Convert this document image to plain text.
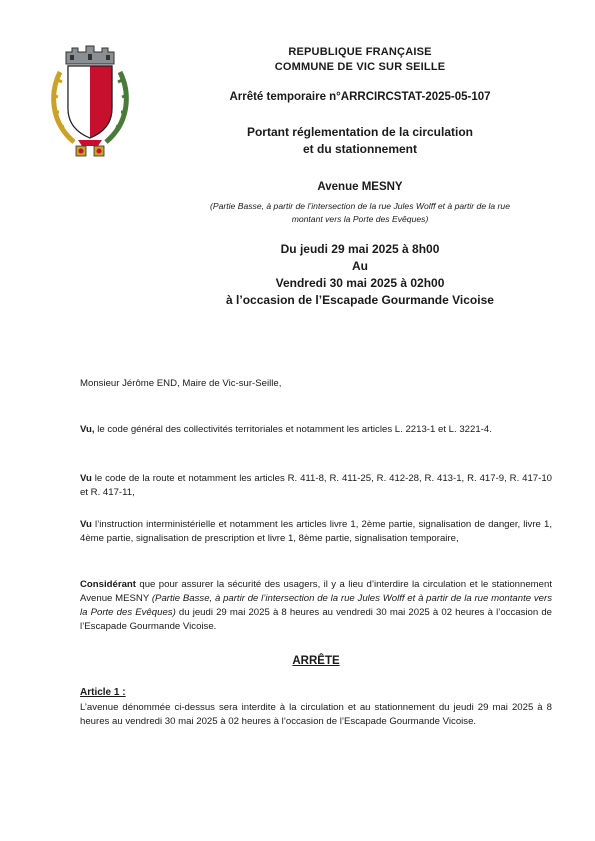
REPUBLIQUE FRANÇAISE
COMMUNE DE VIC SUR SEILLE
Arrêté temporaire n°ARRCIRCSTAT-2025-05-107
Portant réglementation de la circulation
et du stationnement
Avenue MESNY
(Partie Basse, à partir de l’intersection de la rue Jules Wolff et à partir de la rue
montant vers la Porte des Evêques)
Du jeudi 29 mai 2025 à 8h00
Au
Vendredi 30 mai 2025 à 02h00
à l’occasion de l’Escapade Gourmande Vicoise
Monsieur Jérôme END, Maire de Vic-sur-Seille,
Vu, le code général des collectivités territoriales et notamment les articles L. 2213-1 et L. 3221-4.
Vu le code de la route et notamment les articles R. 411-8, R. 411-25, R. 412-28, R. 413-1, R. 417-9, R. 417-10 et R. 417-11,
Vu l’instruction interministérielle et notamment les articles livre 1, 2ème partie, signalisation de danger, livre 1, 4ème partie, signalisation de prescription et livre 1, 8ème partie, signalisation temporaire,
Considérant que pour assurer la sécurité des usagers, il y a lieu d’interdire la circulation et le stationnement Avenue MESNY (Partie Basse, à partir de l’intersection de la rue Jules Wolff et à partir de la rue montante vers la Porte des Evêques) du jeudi 29 mai 2025 à 8 heures au vendredi 30 mai 2025 à 02 heures à l’occasion de l’Escapade Gourmande Vicoise.
ARRÊTE
Article 1 :
L’avenue dénommée ci-dessus sera interdite à la circulation et au stationnement du jeudi 29 mai 2025 à 8 heures au vendredi 30 mai 2025 à 02 heures à l’occasion de l’Escapade Gourmande Vicoise.
